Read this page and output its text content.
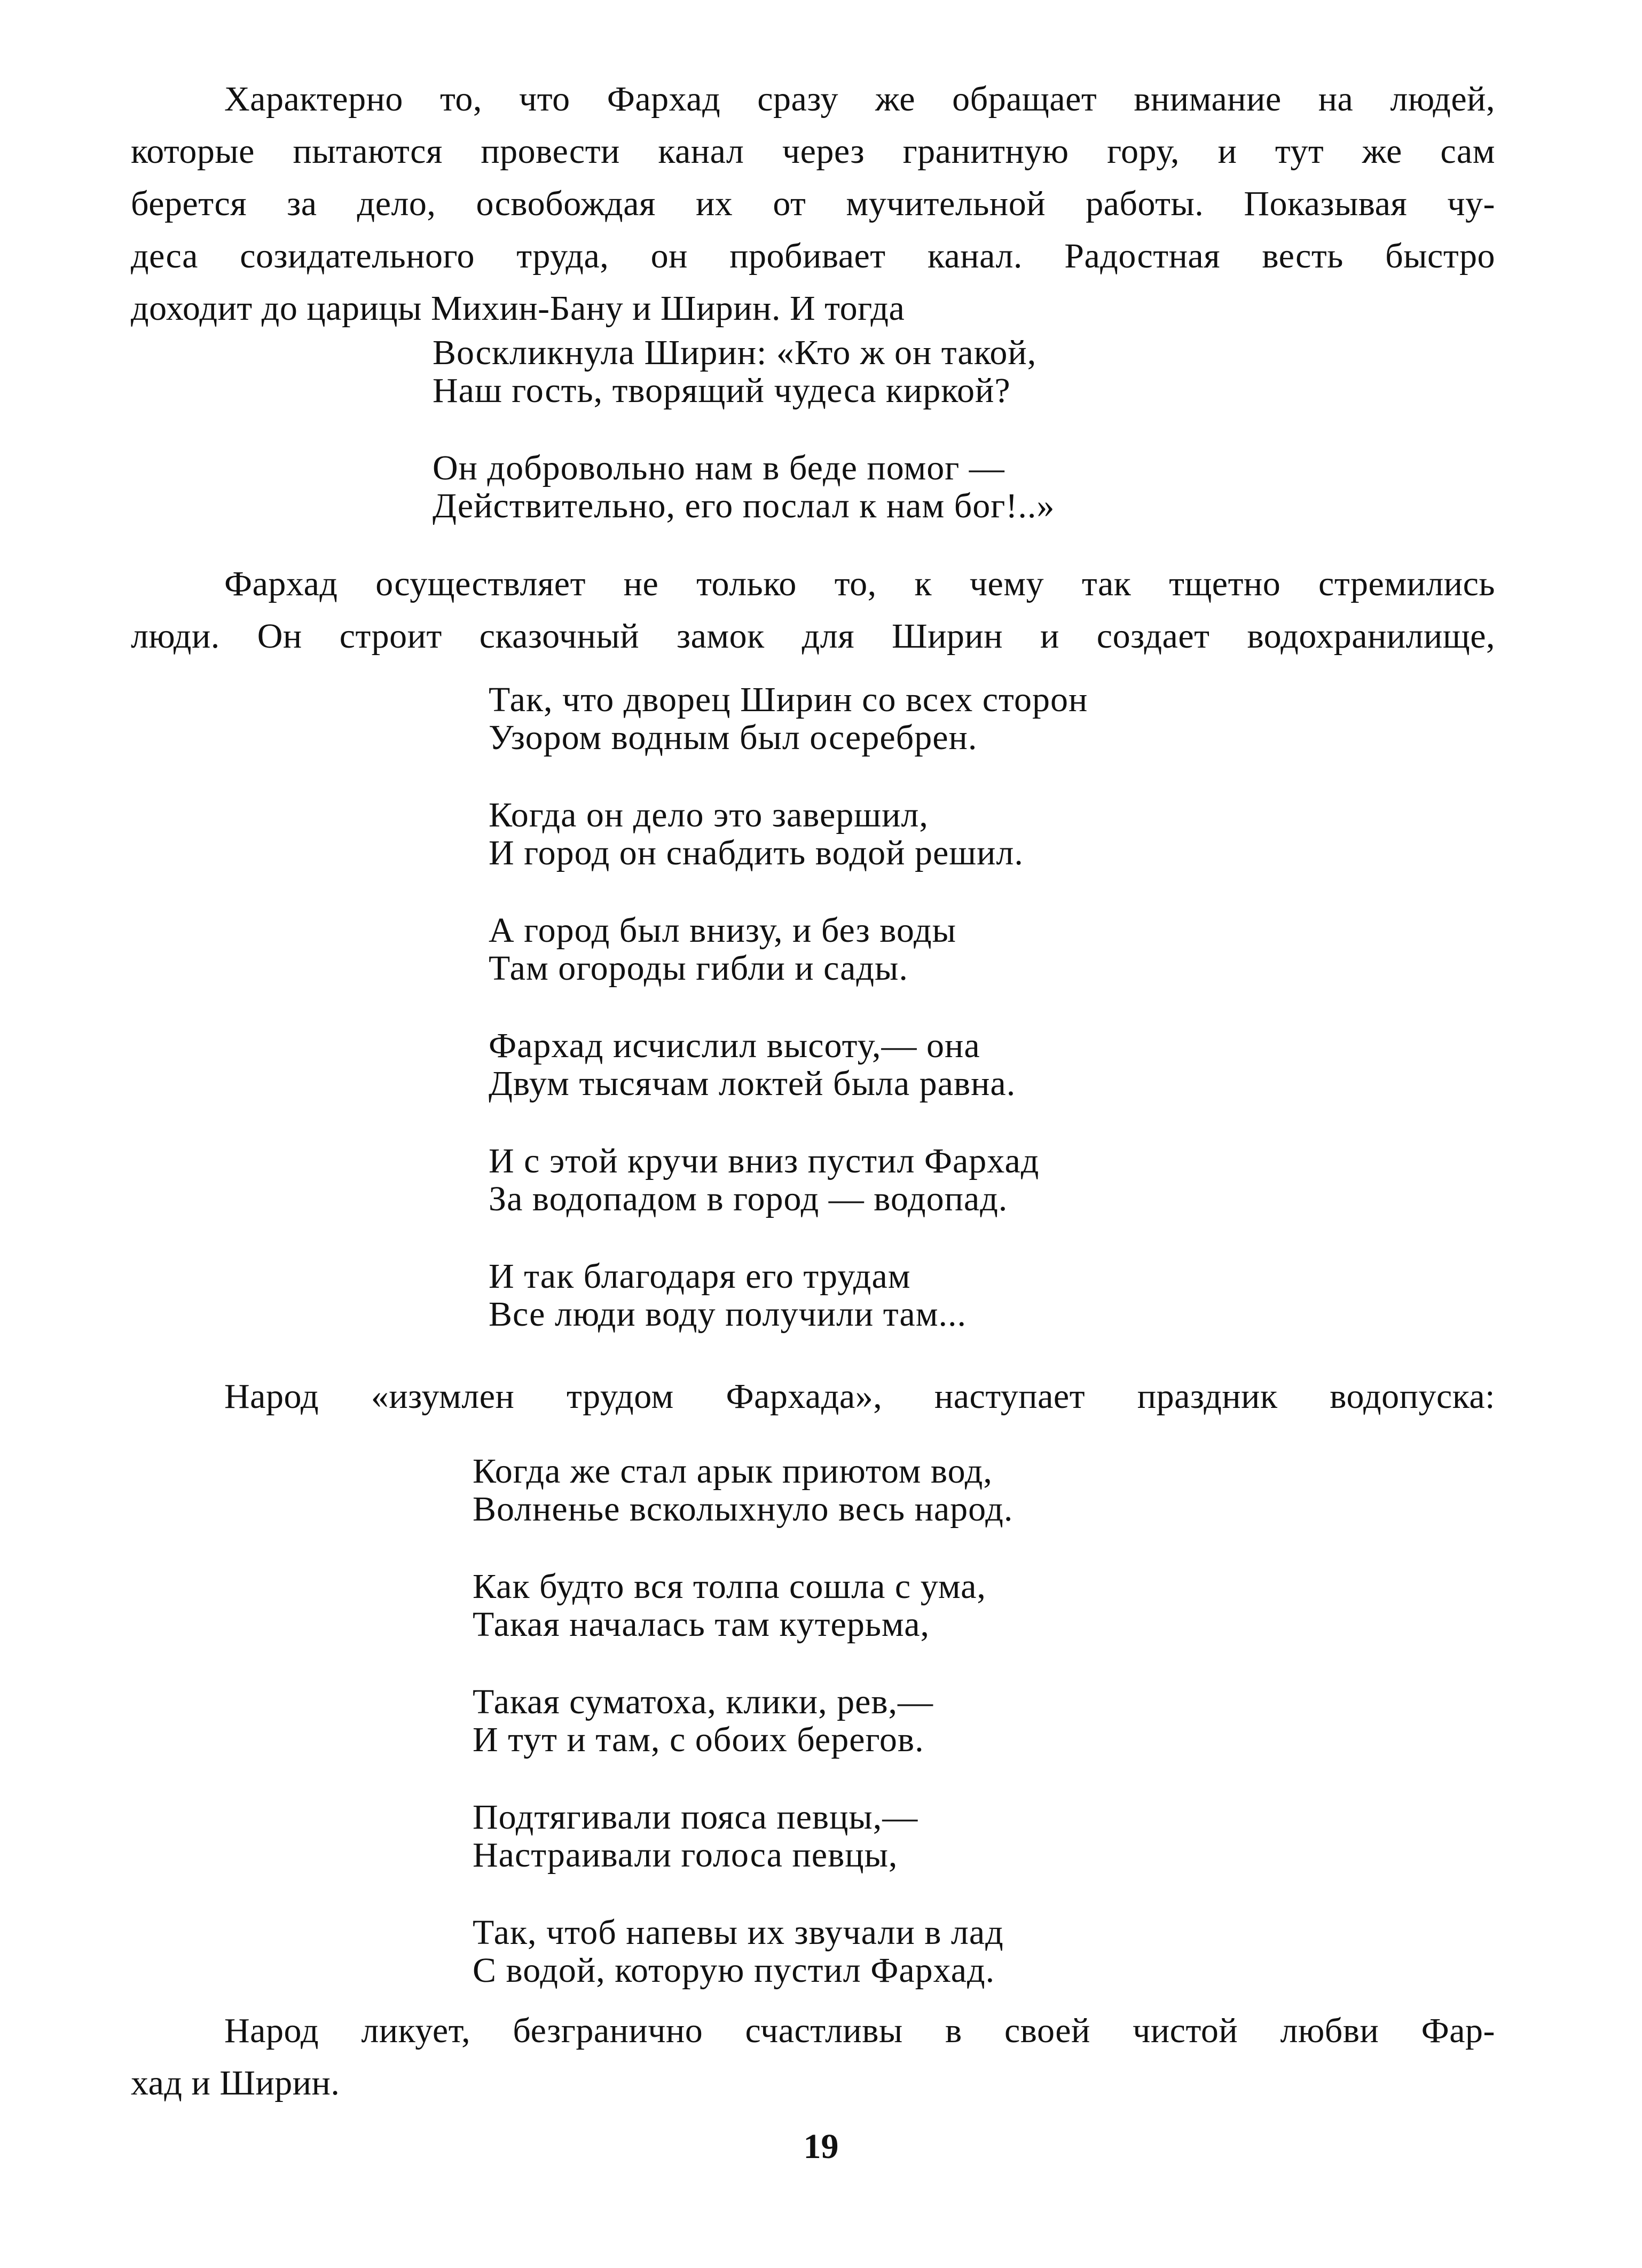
Характерно то, что Фархад сразу же обращает внимание на людей,
которые пытаются провести канал через гранитную гору, и тут же сам
берется за дело, освобождая их от мучительной работы. Показывая чу-
деса созидательного труда, он пробивает канал. Радостная весть быстро
доходит до царицы Михин-Бану и Ширин. И тогда
Воскликнула Ширин: «Кто ж он такой,
Наш гость, творящий чудеса киркой?
Он добровольно нам в беде помог —
Действительно, его послал к нам бог!..»
Фархад осуществляет не только то, к чему так тщетно стремились
люди. Он строит сказочный замок для Ширин и создает водохранилище,
Так, что дворец Ширин со всех сторон
Узором водным был осеребрен.
Когда он дело это завершил,
И город он снабдить водой решил.
А город был внизу, и без воды
Там огороды гибли и сады.
Фархад исчислил высоту,— она
Двум тысячам локтей была равна.
И с этой кручи вниз пустил Фархад
За водопадом в город — водопад.
И так благодаря его трудам
Все люди воду получили там...
Народ «изумлен трудом Фархада», наступает праздник водопуска:
Когда же стал арык приютом вод,
Волненье всколыхнуло весь народ.
Как будто вся толпа сошла с ума,
Такая началась там кутерьма,
Такая суматоха, клики, рев,—
И тут и там, с обоих берегов.
Подтягивали пояса певцы,—
Настраивали голоса певцы,
Так, чтоб напевы их звучали в лад
С водой, которую пустил Фархад.
Народ ликует, безгранично счастливы в своей чистой любви Фар-
хад и Ширин.
19
